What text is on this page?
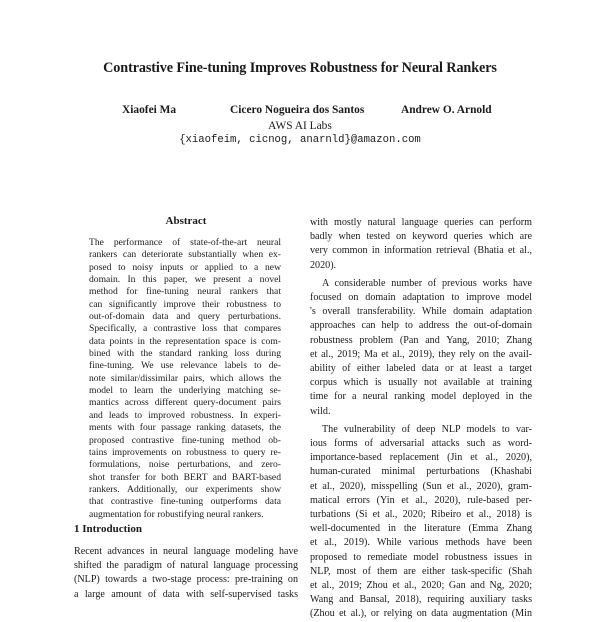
Contrastive Fine-tuning Improves Robustness for Neural Rankers
Xiaofei Ma	Cicero Nogueira dos Santos	Andrew O. Arnold
AWS AI Labs
{xiaofeim, cicnog, anarnld}@amazon.com
Abstract
The performance of state-of-the-art neural
rankers can deteriorate substantially when ex-
posed to noisy inputs or applied to a new
domain. In this paper, we present a novel
method for fine-tuning neural rankers that
can significantly improve their robustness to
out-of-domain data and query perturbations.
Specifically, a contrastive loss that compares
data points in the representation space is com-
bined with the standard ranking loss during
fine-tuning. We use relevance labels to de-
note similar/dissimilar pairs, which allows the
model to learn the underlying matching se-
mantics across different query-document pairs
and leads to improved robustness. In experi-
ments with four passage ranking datasets, the
proposed contrastive fine-tuning method ob-
tains improvements on robustness to query re-
formulations, noise perturbations, and zero-
shot transfer for both BERT and BART-based
rankers. Additionally, our experiments show
that contrastive fine-tuning outperforms data
augmentation for robustifying neural rankers.
1 Introduction
Recent advances in neural language modeling have
shifted the paradigm of natural language processing
(NLP) towards a two-stage process: pre-training on
a large amount of data with self-supervised tasks
with mostly natural language queries can perform
badly when tested on keyword queries which are
very common in information retrieval (Bhatia et al.,
2020).
A considerable number of previous works have
focused on domain adaptation to improve model
's overall transferability. While domain adaptation
approaches can help to address the out-of-domain
robustness problem (Pan and Yang, 2010; Zhang
et al., 2019; Ma et al., 2019), they rely on the avail-
ability of either labeled data or at least a target
corpus which is usually not available at training
time for a neural ranking model deployed in the
wild.
The vulnerability of deep NLP models to var-
ious forms of adversarial attacks such as word-
importance-based replacement (Jin et al., 2020),
human-curated minimal perturbations (Khashabi
et al., 2020), misspelling (Sun et al., 2020), gram-
matical errors (Yin et al., 2020), rule-based per-
turbations (Si et al., 2020; Ribeiro et al., 2018) is
well-documented in the literature (Emma Zhang
et al., 2019). While various methods have been
proposed to remediate model robustness issues in
NLP, most of them are either task-specific (Shah
et al., 2019; Zhou et al., 2020; Gan and Ng, 2020;
Wang and Bansal, 2018), requiring auxiliary tasks
(Zhou et al.), or relying on data augmentation (Min
